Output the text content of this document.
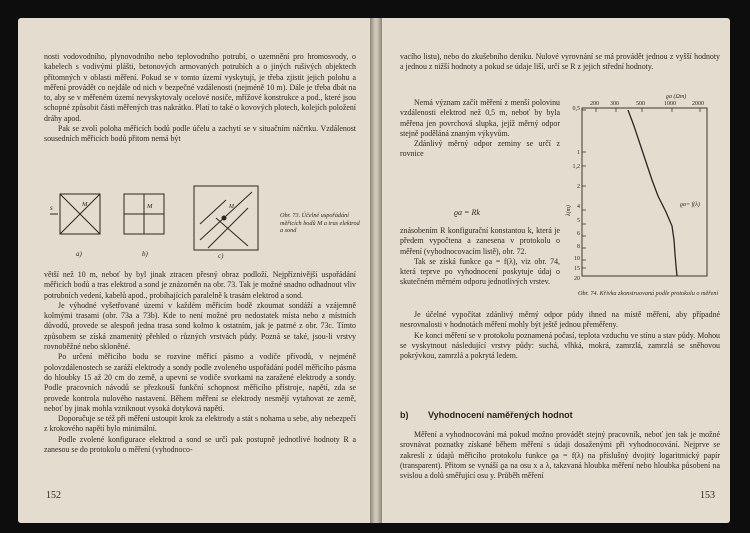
nosti vodovodního, plynovodního nebo teplovodního potrubí, o uzemnění pro hromosvody, o kabelech s vodivými plášti, betonových armovaných potrubích a o jiných rušivých objektech přítomných v oblasti měření. Pokud se v tomto území vyskytují, je třeba zjistit jejich polohu a měření provádět co nejdále od nich v bezpečné vzdálenosti (nejméně 10 m). Dále je třeba dbát na to, aby se v měřeném území nevyskytovaly ocelové nosiče, mřížové konstrukce a pod., které jsou schopné způsobit části měřených tras nakrátko. Platí to také o kovových plotech, kolejích položení dráhy apod.

Pak se zvolí poloha měřicích bodů podle účelu a zachytí se v situačním náčrtku. Vzdálenost sousedních měřicích bodů přitom nemá být

s	M	M	M
a)	b)	c)
Obr. 73. Účelné uspořádání měřicích bodů M a tras elektrod a sond

větší než 10 m, neboť by byl jinak ztracen přesný obraz podloží. Nejpříznivější uspořádání měřicích bodů a tras elektrod a sond je znázorněn na obr. 73. Tak je možné snadno odhadnout vliv potrubních vedení, kabelů apod., probíhajících paralelně k trasám elektrod a sond.

Je výhodné vyšetřované území v každém měřicím bodě zkoumat sondáží a vzájemně kolmými trasami (obr. 73a a 73b). Kde to není možné pro nedostatek místa nebo z místních důvodů, provede se alespoň jedna trasa sond kolmo k ostatním, jak je patrné z obr. 73c. Tímto způsobem se získá znamenitý přehled o různých vrstvách půdy. Pozná se také, jsou-li vrstvy rovnoběžné nebo skloněné.

Po určení měřicího bodu se rozvine měřicí pásmo a vodiče přívodů, v nejméně polovzdálenostech se zaráží elektrody a sondy podle zvoleného uspořádání podél měřicího pásma do hloubky 15 až 20 cm do země, a upevní se vodiče svorkami na zaražené elektrody a sondy. Podle pracovních návodů se přezkouší funkční schopnost měřicího přístroje, napětí, zda se provede kontrola nulového nastavení. Během měření se elektrody nesmějí vytahovat ze země, neboť by jinak mohla vzniknout vysoká dotyková napětí.

Doporučuje se též při měření ustoupit krok za elektrody a stát s nohama u sebe, aby nebezpečí z krokového napětí bylo minimální.

Podle zvolené konfigurace elektrod a sond se určí pak postupně jednotlivé hodnoty R a zanesou se do protokolu o měření (vyhodnoco-

152

vacího listu), nebo do zkušebního deníku. Nulové vyrovnání se má provádět jednou z vyšší hodnoty a jednou z nižší hodnoty a pokud se údaje liší, určí se R z jejich střední hodnoty.

Nemá význam začít měření z menší polovinu vzdálenosti elektrod než 0,5 m, neboť by byla měřena jen povrchová slupka, jejíž měrný odpor stejně poděláná znaným výkyvům.

Zdánlivý měrný odpor zeminy se určí z rovnice

ϱa = Rk

znásobením R konfigurační konstantou k, která je předem vypočtena a zanesena v protokolu o měření (vyhodnocovacím listě), obr. 72.

Tak se získá funkce ϱa = f(λ), viz obr. 74, která teprve po vyhodnocení poskytuje údaj o skutečném měrném odporu jednotlivých vrstev.

Je účelné vypočítat zdánlivý měrný odpor půdy ihned na místě měření, aby případné nesrovnalosti v hodnotách měření mohly být ještě jednou přeměřeny.

Ke konci měření se v protokolu poznamená počasí, teplota vzduchu ve stínu a stav půdy. Mohou se vyskytnout následující vrstvy půdy: suchá, vlhká, mokrá, zamrzlá, zamrzlá se sněhovou pokrývkou, zamrzlá a pokrytá ledem.

b) Vyhodnocení naměřených hodnot

Měření a vyhodnocování má pokud možno provádět stejný pracovník, neboť jen tak je možné srovnávat poznatky získané během měření s údaji dosaženými při vyhodnocování. Nejprve se zakreslí z údajů měřicího protokolu funkce ϱa = f(λ) na příslušný dvojitý logaritmický papír (transparent). Přitom se vynáší ϱa na osu x a λ, takzvaná hloubka měření nebo hloubka působení na svislou a dolů směřující osu y. Průběh měření

153
200 300	500	1000	2000
ϱa (Ωm)
0,5
1
1,2
2
4
5
6
8
10
15
20
λ(m)
ϱa= f(λ)
Obr. 74. Křivka zkonstruovaná podle protokolu o měření
